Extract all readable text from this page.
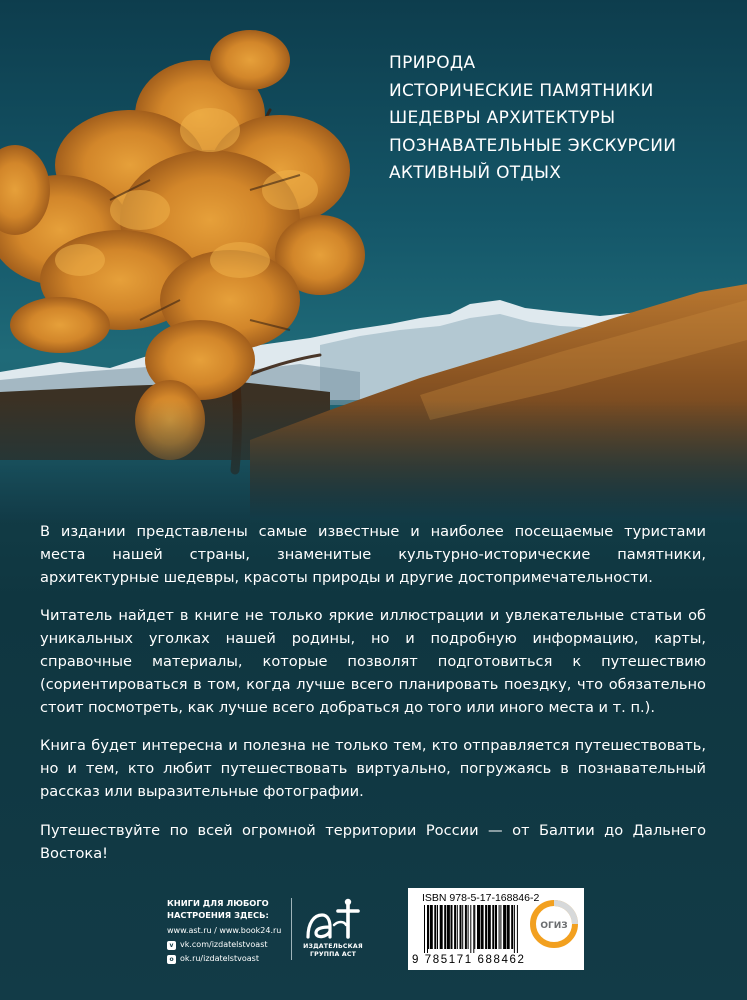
ПРИРОДА
ИСТОРИЧЕСКИЕ ПАМЯТНИКИ
ШЕДЕВРЫ АРХИТЕКТУРЫ
ПОЗНАВАТЕЛЬНЫЕ ЭКСКУРСИИ
АКТИВНЫЙ ОТДЫХ

В издании представлены самые известные и наиболее посещаемые туристами места нашей страны, знаменитые культурно-исторические памятники, архитектурные шедевры, красоты природы и другие достопримечательности.

Читатель найдет в книге не только яркие иллюстрации и увлекательные статьи об уникальных уголках нашей родины, но и подробную информацию, карты, справочные материалы, которые позволят подготовиться к путешествию (сориентироваться в том, когда лучше всего планировать поездку, что обязательно стоит посмотреть, как лучше всего добраться до того или иного места и т. п.).

Книга будет интересна и полезна не только тем, кто отправляется путешествовать, но и тем, кто любит путешествовать виртуально, погружаясь в познавательный рассказ или выразительные фотографии.

Путешествуйте по всей огромной территории России — от Балтии до Дальнего Востока!

КНИГИ ДЛЯ ЛЮБОГО НАСТРОЕНИЯ ЗДЕСЬ:
www.ast.ru / www.book24.ru
v vk.com/izdatelstvoast
o ok.ru/izdatelstvoast
ИЗДАТЕЛЬСКАЯ ГРУППА АСТ
ISBN 978-5-17-168846-2
9 785171 688462
ОГИЗ
